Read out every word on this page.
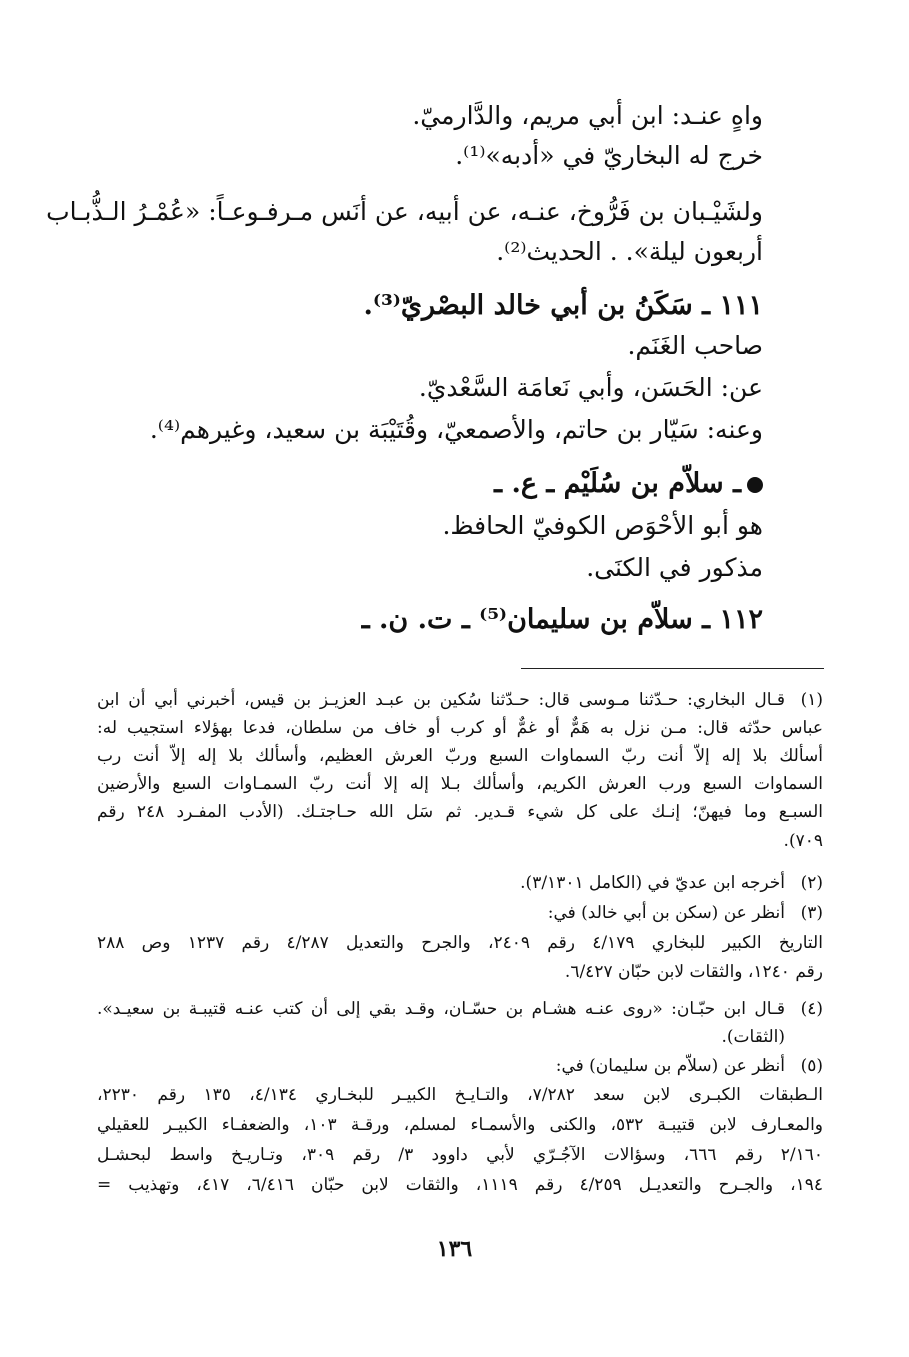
واهٍ عنـد: ابن أبي مريم، والدَّارميّ.
خرج له البخاريّ في «أدبه»⁽¹⁾.
ولشَيْـبان بن فَرُّوخ، عنـه، عن أبيه، عن أنَس مـرفـوعـاً: «عُمْـرُ الـذُّبـاب
أربعون ليلة». . الحديث⁽²⁾.
١١١ ـ سَكَنُ بن أبي خالد البصْريّ⁽³⁾.
صاحب الغَنَم.
عن: الحَسَن، وأبي نَعامَة السَّعْديّ.
وعنه: سَيّار بن حاتم، والأصمعيّ، وقُتَيْبَة بن سعيد، وغيرهم⁽⁴⁾.
ـ سلاّم بن سُلَيْم ـ ع. ـ
هو أبو الأحْوَص الكوفيّ الحافظ.
مذكور في الكنَى.
١١٢ ـ سلاّم بن سليمان⁽⁵⁾ ـ ت. ن. ـ
(١)
قـال البخاري: حـدّثنا مـوسى قال: حـدّثنا سُكين بن عبـد العزيـز بن قيس، أخبرني أبي أن ابن
عباس حدّثه قال: مـن نزل به هَمٌّ أو غمٌّ أو كرب أو خاف من سلطان، فدعا بهؤلاء استجيب له:
أسألك بلا إله إلاّ أنت ربّ السماوات السبع وربّ العرش العظيم، وأسألك بلا إله إلاّ أنت رب
السماوات السبع ورب العرش الكريم، وأسألك بـلا إله إلا أنت ربّ السمـاوات السبع والأرضين
السبـع وما فيهنّ؛ إنـك على كل شيء قـدير. ثم سَل الله حـاجتـك. (الأدب المفـرد ٢٤٨ رقم
٧٠٩).
(٢)
أخرجه ابن عديّ في (الكامل ٣/١٣٠١).
(٣)
أنظر عن (سكن بن أبي خالد) في:
التاريخ الكبير للبخاري ٤/١٧٩ رقم ٢٤٠٩، والجرح والتعديل ٤/٢٨٧ رقم ١٢٣٧ وص ٢٨٨
رقم ١٢٤٠، والثقات لابن حبّان ٦/٤٢٧.
(٤)
قـال ابن حبّـان: «روى عنـه هشـام بن حسّـان، وقـد بقي إلى أن كتب عنـه قتيبـة بن سعيـد».
(الثقات).
(٥)
أنظر عن (سلاّم بن سليمان) في:
الـطبقات الكبـرى لابن سعد ٧/٢٨٢، والتـايـخ الكبيـر للبخـاري ٤/١٣٤، ١٣٥ رقم ٢٢٣٠،
والمعـارف لابن قتيبـة ٥٣٢، والكنى والأسمـاء لمسلم، ورقـة ١٠٣، والضعفـاء الكبيـر للعقيلي
٢/١٦٠ رقم ٦٦٦، وسؤالات الآجُـرّي لأبي داوود ٣/ رقم ٣٠٩، وتـاريـخ واسط لبحشـل
١٩٤، والجـرح والتعديـل ٤/٢٥٩ رقم ١١١٩، والثقات لابن حبّان ٦/٤١٦، ٤١٧، وتهذيب =
١٣٦
